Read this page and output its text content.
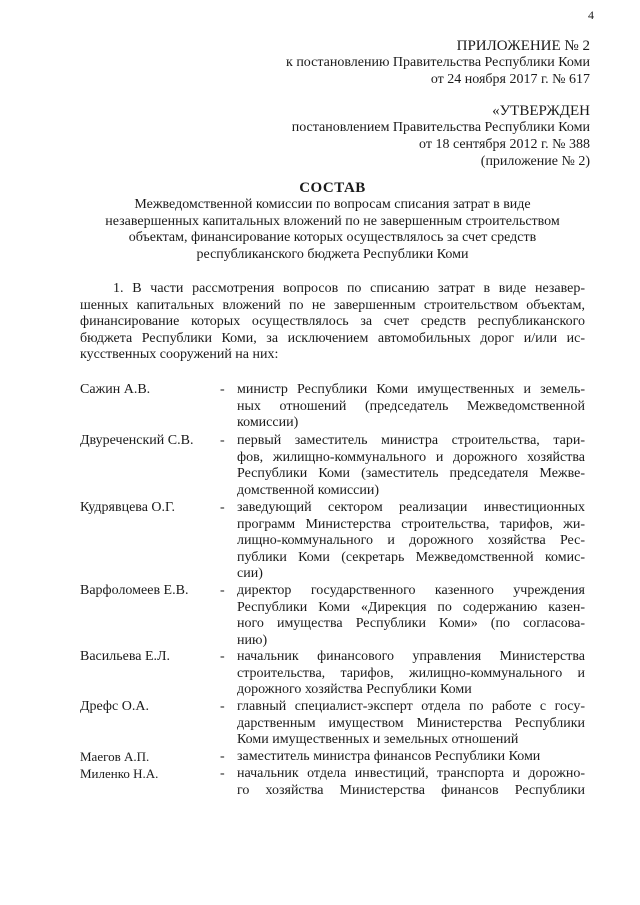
4
ПРИЛОЖЕНИЕ № 2
к постановлению Правительства Республики Коми
от 24 ноября 2017 г. № 617
«УТВЕРЖДЕН
постановлением Правительства Республики Коми
от 18 сентября 2012 г. № 388
(приложение № 2)
СОСТАВ
Межведомственной комиссии по вопросам списания затрат в виде
незавершенных капитальных вложений по не завершенным строительством
объектам, финансирование которых осуществлялось за счет средств
республиканского бюджета Республики Коми
1. В части рассмотрения вопросов по списанию затрат в виде незавер-
шенных капитальных вложений по не завершенным строительством объектам,
финансирование которых осуществлялось за счет средств республиканского
бюджета Республики Коми, за исключением автомобильных дорог и/или ис-
кусственных сооружений на них:
Сажин А.В.	- министр Республики Коми имущественных и земель-
ных отношений (председатель Межведомственной
комиссии)
Двуреченский С.В. - первый заместитель министра строительства, тари-
фов, жилищно-коммунального и дорожного хозяйства
Республики Коми (заместитель председателя Межве-
домственной комиссии)
Кудрявцева О.Г.	- заведующий сектором реализации инвестиционных
программ Министерства строительства, тарифов, жи-
лищно-коммунального и дорожного хозяйства Рес-
публики Коми (секретарь Межведомственной комис-
сии)
Варфоломеев Е.В. - директор государственного казенного учреждения
Республики Коми «Дирекция по содержанию казен-
ного имущества Республики Коми» (по согласова-
нию)
Васильева Е.Л.	- начальник финансового управления Министерства
строительства, тарифов, жилищно-коммунального и
дорожного хозяйства Республики Коми
Дрефс О.А.	- главный специалист-эксперт отдела по работе с госу-
дарственным имуществом Министерства Республики
Коми имущественных и земельных отношений
Маегов А.П.	- заместитель министра финансов Республики Коми
Миленко Н.А.	- начальник отдела инвестиций, транспорта и дорожно-
го хозяйства Министерства финансов Республики
